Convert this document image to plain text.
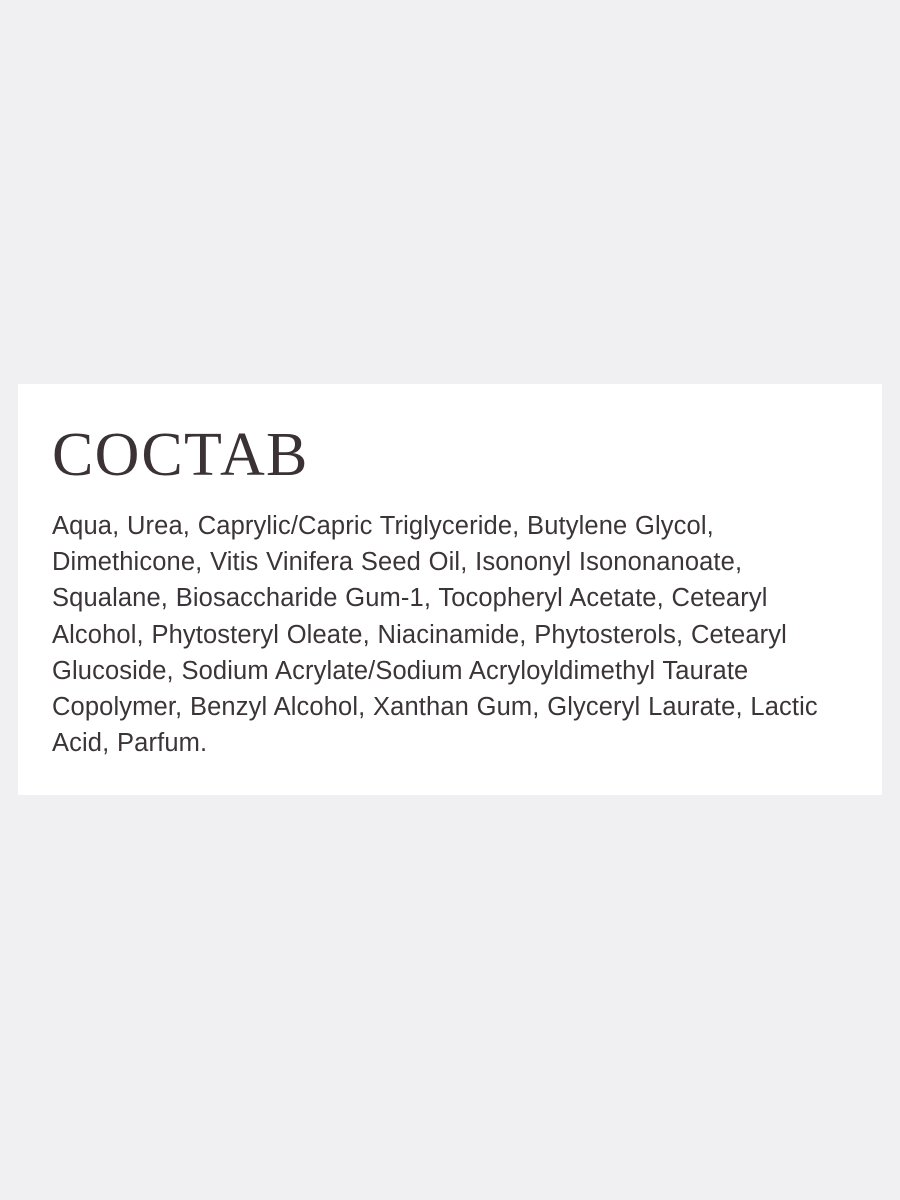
СОСТАВ

Aqua, Urea, Caprylic/Capric Triglyceride, Butylene Glycol, Dimethicone, Vitis Vinifera Seed Oil, Isononyl Isononanoate, Squalane, Biosaccharide Gum-1, Tocopheryl Acetate, Cetearyl Alcohol, Phytosteryl Oleate, Niacinamide, Phytosterols, Cetearyl Glucoside, Sodium Acrylate/Sodium Acryloyldimethyl Taurate Copolymer, Benzyl Alcohol, Xanthan Gum, Glyceryl Laurate, Lactic Acid, Parfum.
